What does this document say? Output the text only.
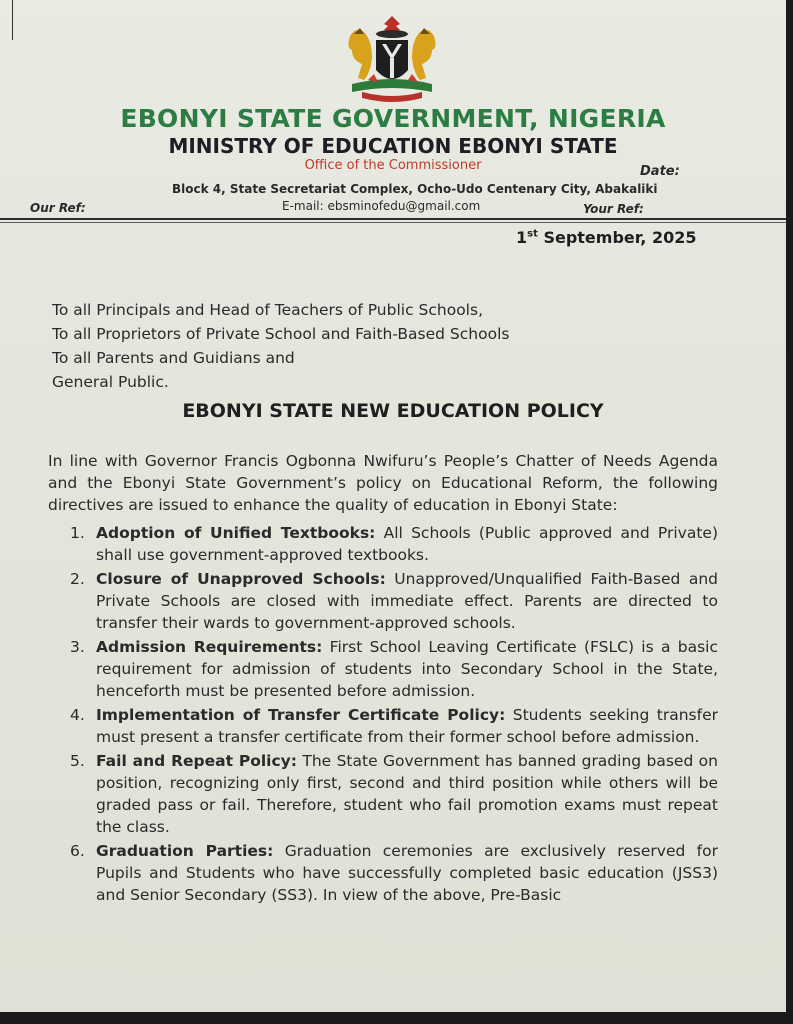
EBONYI STATE GOVERNMENT, NIGERIA
MINISTRY OF EDUCATION EBONYI STATE
Office of the Commissioner	Date:
Block 4, State Secretariat Complex, Ocho-Udo Centenary City, Abakaliki
E-mail: ebsminofedu@gmail.com
Our Ref:	Your Ref:
1st September, 2025
To all Principals and Head of Teachers of Public Schools,
To all Proprietors of Private School and Faith-Based Schools
To all Parents and Guidians and
General Public.
EBONYI STATE NEW EDUCATION POLICY
In line with Governor Francis Ogbonna Nwifuru’s People’s Chatter of Needs Agenda and the Ebonyi State Government’s policy on Educational Reform, the following directives are issued to enhance the quality of education in Ebonyi State:
1. Adoption of Unified Textbooks: All Schools (Public approved and Private) shall use government-approved textbooks.
2. Closure of Unapproved Schools: Unapproved/Unqualified Faith-Based and Private Schools are closed with immediate effect. Parents are directed to transfer their wards to government-approved schools.
3. Admission Requirements: First School Leaving Certificate (FSLC) is a basic requirement for admission of students into Secondary School in the State, henceforth must be presented before admission.
4. Implementation of Transfer Certificate Policy: Students seeking transfer must present a transfer certificate from their former school before admission.
5. Fail and Repeat Policy: The State Government has banned grading based on position, recognizing only first, second and third position while others will be graded pass or fail. Therefore, student who fail promotion exams must repeat the class.
6. Graduation Parties: Graduation ceremonies are exclusively reserved for Pupils and Students who have successfully completed basic education (JSS3) and Senior Secondary (SS3). In view of the above, Pre-Basic
